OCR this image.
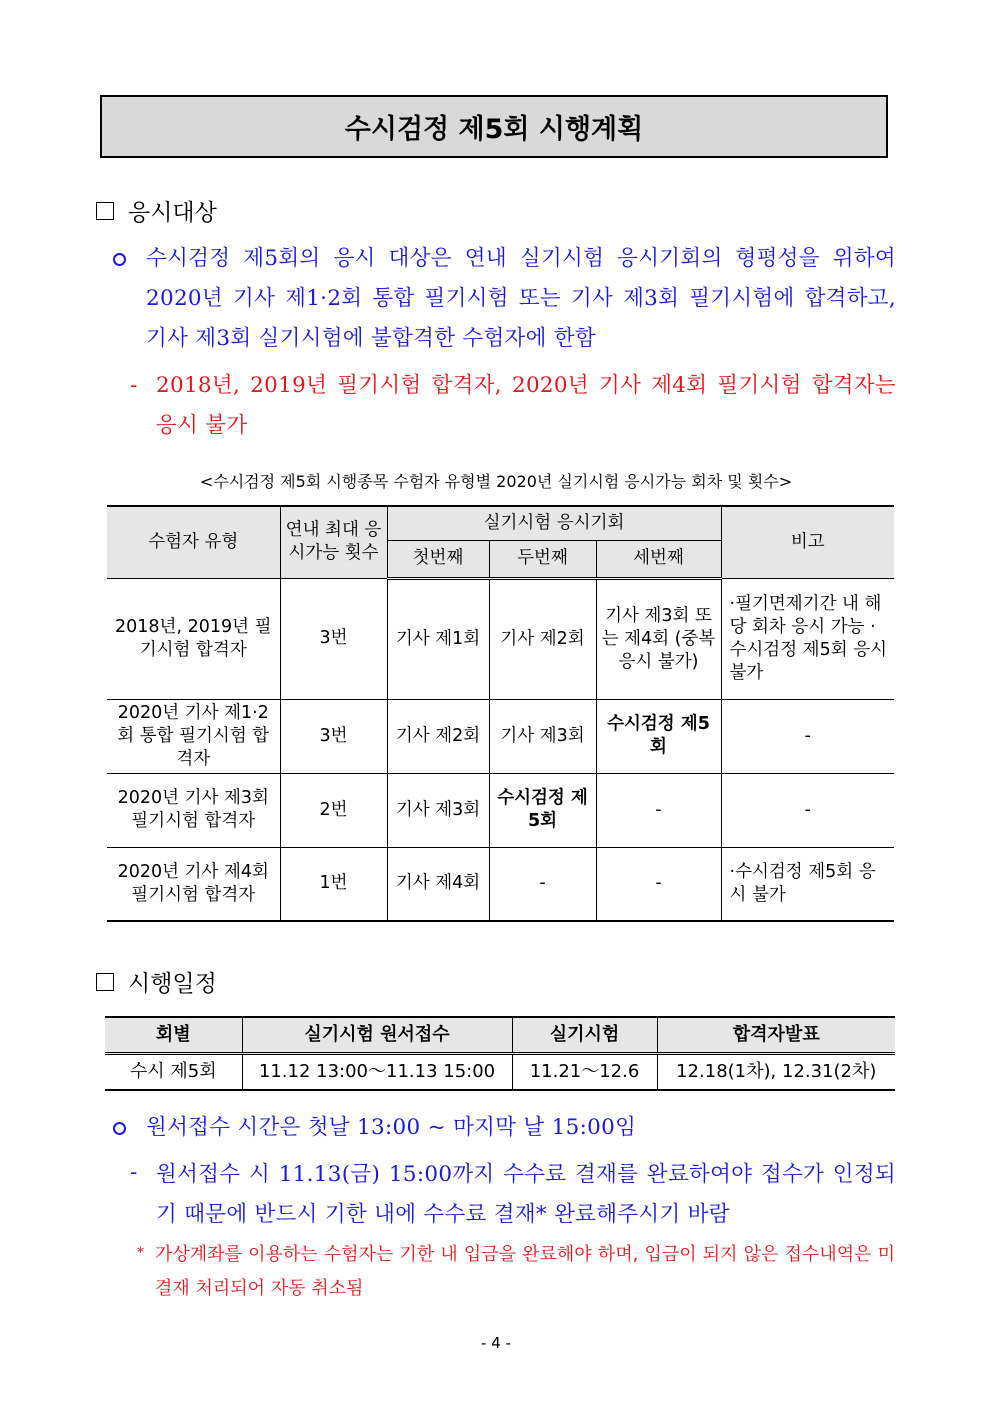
수시검정 제5회 시행계획
응시대상
수시검정 제5회의 응시 대상은 연내 실기시험 응시기회의 형평성을 위하여 2020년 기사 제1·2회 통합 필기시험 또는 기사 제3회 필기시험에 합격하고, 기사 제3회 실기시험에 불합격한 수험자에 한함
- 2018년, 2019년 필기시험 합격자, 2020년 기사 제4회 필기시험 합격자는 응시 불가
<수시검정 제5회 시행종목 수험자 유형별 2020년 실기시험 응시가능 회차 및 횟수>
수험자 유형	연내 최대 응시가능 횟수	실기시험 응시기회			비고
		첫번째	두번째	세번째	
2018년, 2019년 필기시험 합격자	3번	기사 제1회	기사 제2회	기사 제3회 또는 제4회 (중복응시 불가)	·필기면제기간 내 해당 회차 응시 가능 ·수시검정 제5회 응시 불가
2020년 기사 제1·2회 통합 필기시험 합격자	3번	기사 제2회	기사 제3회	수시검정 제5회	-
2020년 기사 제3회 필기시험 합격자	2번	기사 제3회	수시검정 제5회	-	-
2020년 기사 제4회 필기시험 합격자	1번	기사 제4회	-	-	·수시검정 제5회 응시 불가
시행일정
회별	실기시험 원서접수	실기시험	합격자발표
수시 제5회	11.12 13:00～11.13 15:00	11.21～12.6	12.18(1차), 12.31(2차)
원서접수 시간은 첫날 13:00 ~ 마지막 날 15:00임
- 원서접수 시 11.13(금) 15:00까지 수수료 결재를 완료하여야 접수가 인정되기 때문에 반드시 기한 내에 수수료 결재* 완료해주시기 바람
* 가상계좌를 이용하는 수험자는 기한 내 입금을 완료해야 하며, 입금이 되지 않은 접수내역은 미결재 처리되어 자동 취소됨
- 4 -
